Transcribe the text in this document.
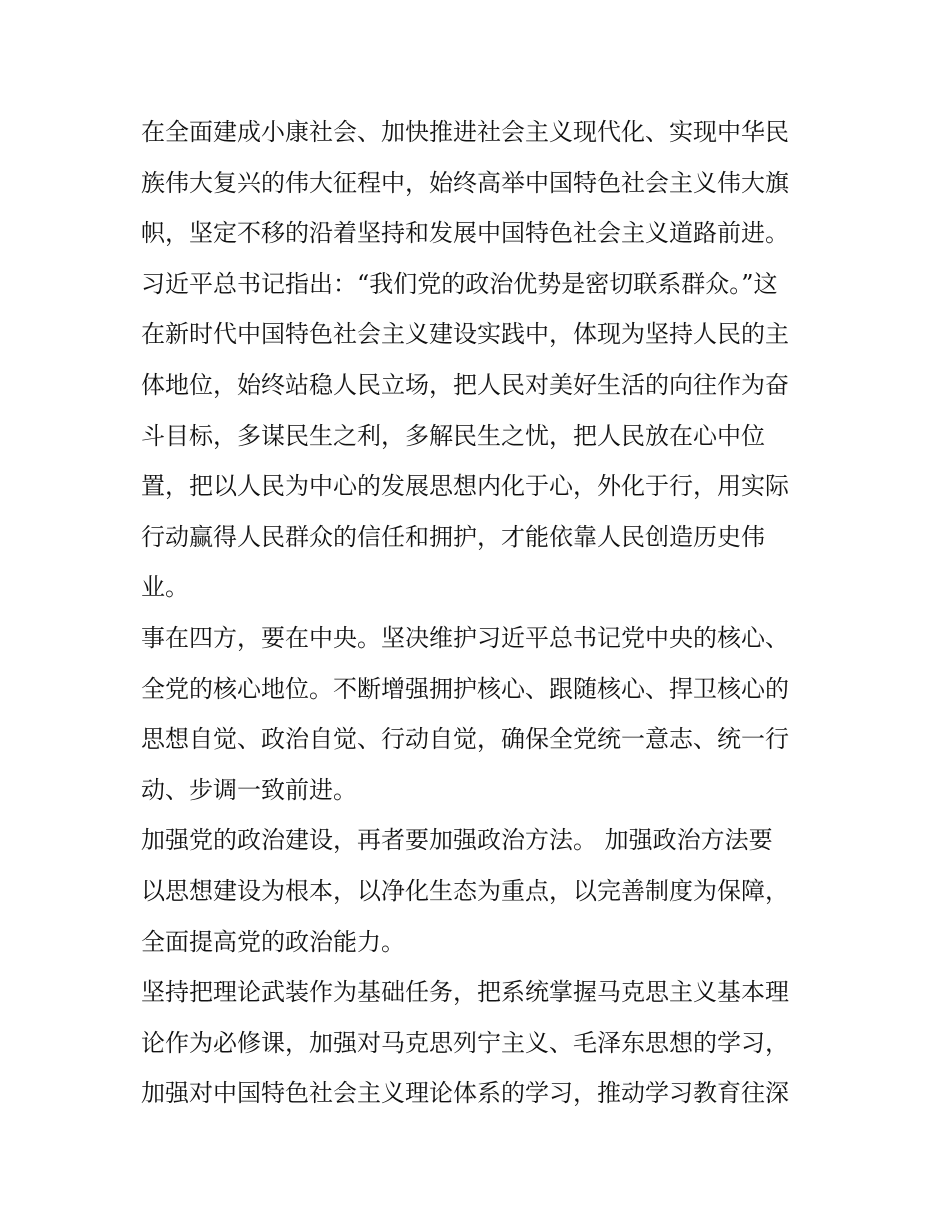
在全面建成小康社会、加快推进社会主义现代化、实现中华民
族伟大复兴的伟大征程中，始终高举中国特色社会主义伟大旗
帜，坚定不移的沿着坚持和发展中国特色社会主义道路前进。
习近平总书记指出：“我们党的政治优势是密切联系群众。”这
在新时代中国特色社会主义建设实践中，体现为坚持人民的主
体地位，始终站稳人民立场，把人民对美好生活的向往作为奋
斗目标，多谋民生之利，多解民生之忧，把人民放在心中位
置，把以人民为中心的发展思想内化于心，外化于行，用实际
行动赢得人民群众的信任和拥护，才能依靠人民创造历史伟
业。
事在四方，要在中央。坚决维护习近平总书记党中央的核心、
全党的核心地位。不断增强拥护核心、跟随核心、捍卫核心的
思想自觉、政治自觉、行动自觉，确保全党统一意志、统一行
动、步调一致前进。
加强党的政治建设，再者要加强政治方法。 加强政治方法要
以思想建设为根本，以净化生态为重点，以完善制度为保障，
全面提高党的政治能力。
坚持把理论武装作为基础任务，把系统掌握马克思主义基本理
论作为必修课，加强对马克思列宁主义、毛泽东思想的学习，
加强对中国特色社会主义理论体系的学习，推动学习教育往深
